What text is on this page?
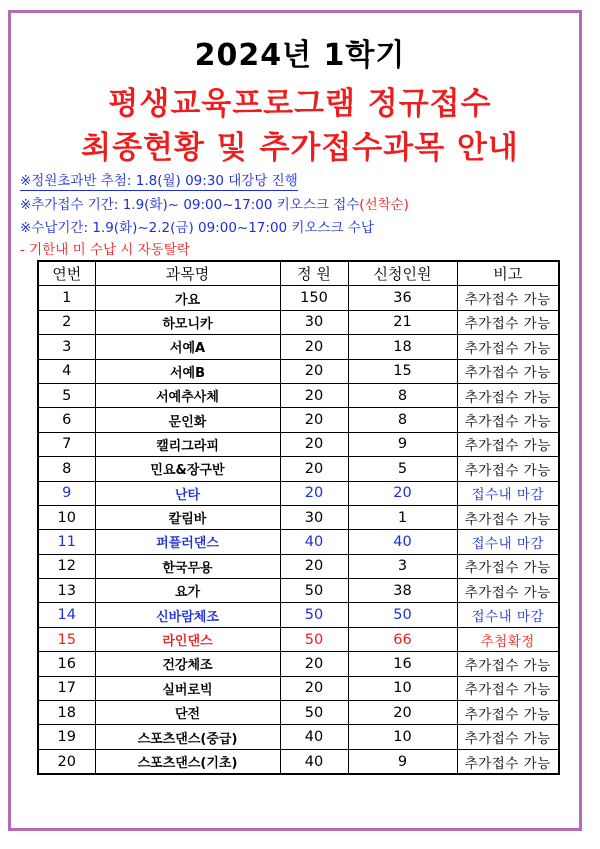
2024년 1학기
평생교육프로그램 정규접수
최종현황 및 추가접수과목 안내
※정원초과반 추첨: 1.8(월) 09:30 대강당 진행
※추가접수 기간: 1.9(화)~ 09:00~17:00 키오스크 접수(선착순)
※수납기간: 1.9(화)~2.2(금) 09:00~17:00 키오스크 수납
- 기한내 미 수납 시 자동탈락
연번	과목명	정 원	신청인원	비고
1	가요	150	36	추가접수 가능
2	하모니카	30	21	추가접수 가능
3	서예A	20	18	추가접수 가능
4	서예B	20	15	추가접수 가능
5	서예추사체	20	8	추가접수 가능
6	문인화	20	8	추가접수 가능
7	캘리그라피	20	9	추가접수 가능
8	민요&장구반	20	5	추가접수 가능
9	난타	20	20	접수내 마감
10	칼림바	30	1	추가접수 가능
11	퍼플러댄스	40	40	접수내 마감
12	한국무용	20	3	추가접수 가능
13	요가	50	38	추가접수 가능
14	신바람체조	50	50	접수내 마감
15	라인댄스	50	66	추첨확정
16	건강체조	20	16	추가접수 가능
17	실버로빅	20	10	추가접수 가능
18	단전	50	20	추가접수 가능
19	스포츠댄스(중급)	40	10	추가접수 가능
20	스포츠댄스(기초)	40	9	추가접수 가능
